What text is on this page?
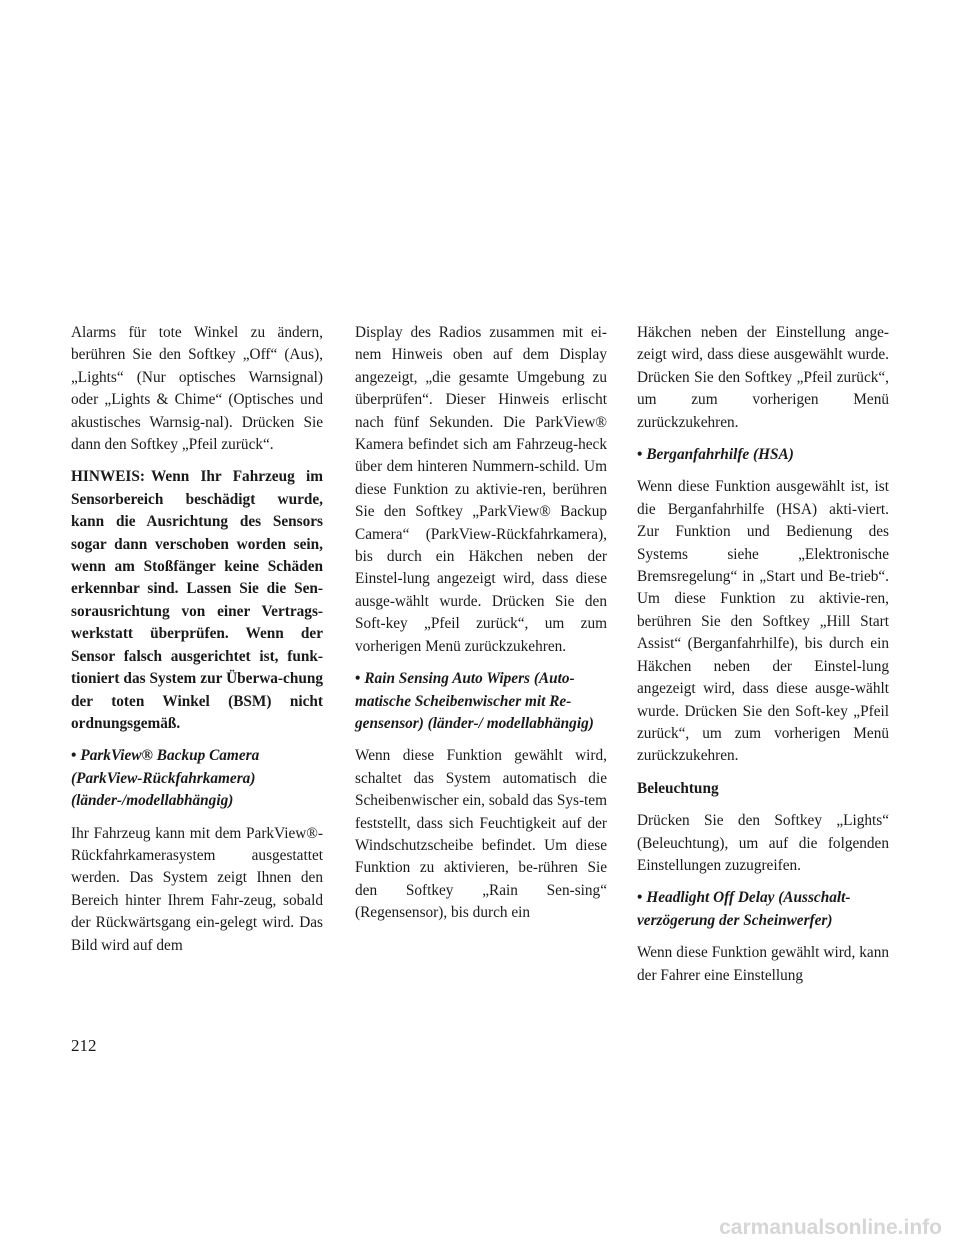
Alarms für tote Winkel zu ändern, berühren Sie den Softkey „Off“ (Aus), „Lights“ (Nur optisches Warnsignal) oder „Lights & Chime“ (Optisches und akustisches Warnsig-nal). Drücken Sie dann den Softkey „Pfeil zurück“.

HINWEIS: Wenn Ihr Fahrzeug im Sensorbereich beschädigt wurde, kann die Ausrichtung des Sensors sogar dann verschoben worden sein, wenn am Stoßfänger keine Schäden erkennbar sind. Lassen Sie die Sen-sorausrichtung von einer Vertrags-werkstatt überprüfen. Wenn der Sensor falsch ausgerichtet ist, funk-tioniert das System zur Überwa-chung der toten Winkel (BSM) nicht ordnungsgemäß.

• ParkView® Backup Camera (ParkView-Rückfahrkamera) (länder-/modellabhängig)

Ihr Fahrzeug kann mit dem ParkView®-Rückfahrkamerasystem ausgestattet werden. Das System zeigt Ihnen den Bereich hinter Ihrem Fahr-zeug, sobald der Rückwärtsgang ein-gelegt wird. Das Bild wird auf dem

Display des Radios zusammen mit ei-nem Hinweis oben auf dem Display angezeigt, „die gesamte Umgebung zu überprüfen“. Dieser Hinweis erlischt nach fünf Sekunden. Die ParkView® Kamera befindet sich am Fahrzeug-heck über dem hinteren Nummern-schild. Um diese Funktion zu aktivie-ren, berühren Sie den Softkey „ParkView® Backup Camera“ (ParkView-Rückfahrkamera), bis durch ein Häkchen neben der Einstel-lung angezeigt wird, dass diese ausge-wählt wurde. Drücken Sie den Soft-key „Pfeil zurück“, um zum vorherigen Menü zurückzukehren.

• Rain Sensing Auto Wipers (Auto-matische Scheibenwischer mit Re-gensensor) (länder-/ modellabhängig)

Wenn diese Funktion gewählt wird, schaltet das System automatisch die Scheibenwischer ein, sobald das Sys-tem feststellt, dass sich Feuchtigkeit auf der Windschutzscheibe befindet. Um diese Funktion zu aktivieren, be-rühren Sie den Softkey „Rain Sen-sing“ (Regensensor), bis durch ein

Häkchen neben der Einstellung ange-zeigt wird, dass diese ausgewählt wurde. Drücken Sie den Softkey „Pfeil zurück“, um zum vorherigen Menü zurückzukehren.

• Berganfahrhilfe (HSA)

Wenn diese Funktion ausgewählt ist, ist die Berganfahrhilfe (HSA) akti-viert. Zur Funktion und Bedienung des Systems siehe „Elektronische Bremsregelung“ in „Start und Be-trieb“. Um diese Funktion zu aktivie-ren, berühren Sie den Softkey „Hill Start Assist“ (Berganfahrhilfe), bis durch ein Häkchen neben der Einstel-lung angezeigt wird, dass diese ausge-wählt wurde. Drücken Sie den Soft-key „Pfeil zurück“, um zum vorherigen Menü zurückzukehren.

Beleuchtung

Drücken Sie den Softkey „Lights“ (Beleuchtung), um auf die folgenden Einstellungen zuzugreifen.

• Headlight Off Delay (Ausschalt-verzögerung der Scheinwerfer)

Wenn diese Funktion gewählt wird, kann der Fahrer eine Einstellung

212
carmanualsonline.info
